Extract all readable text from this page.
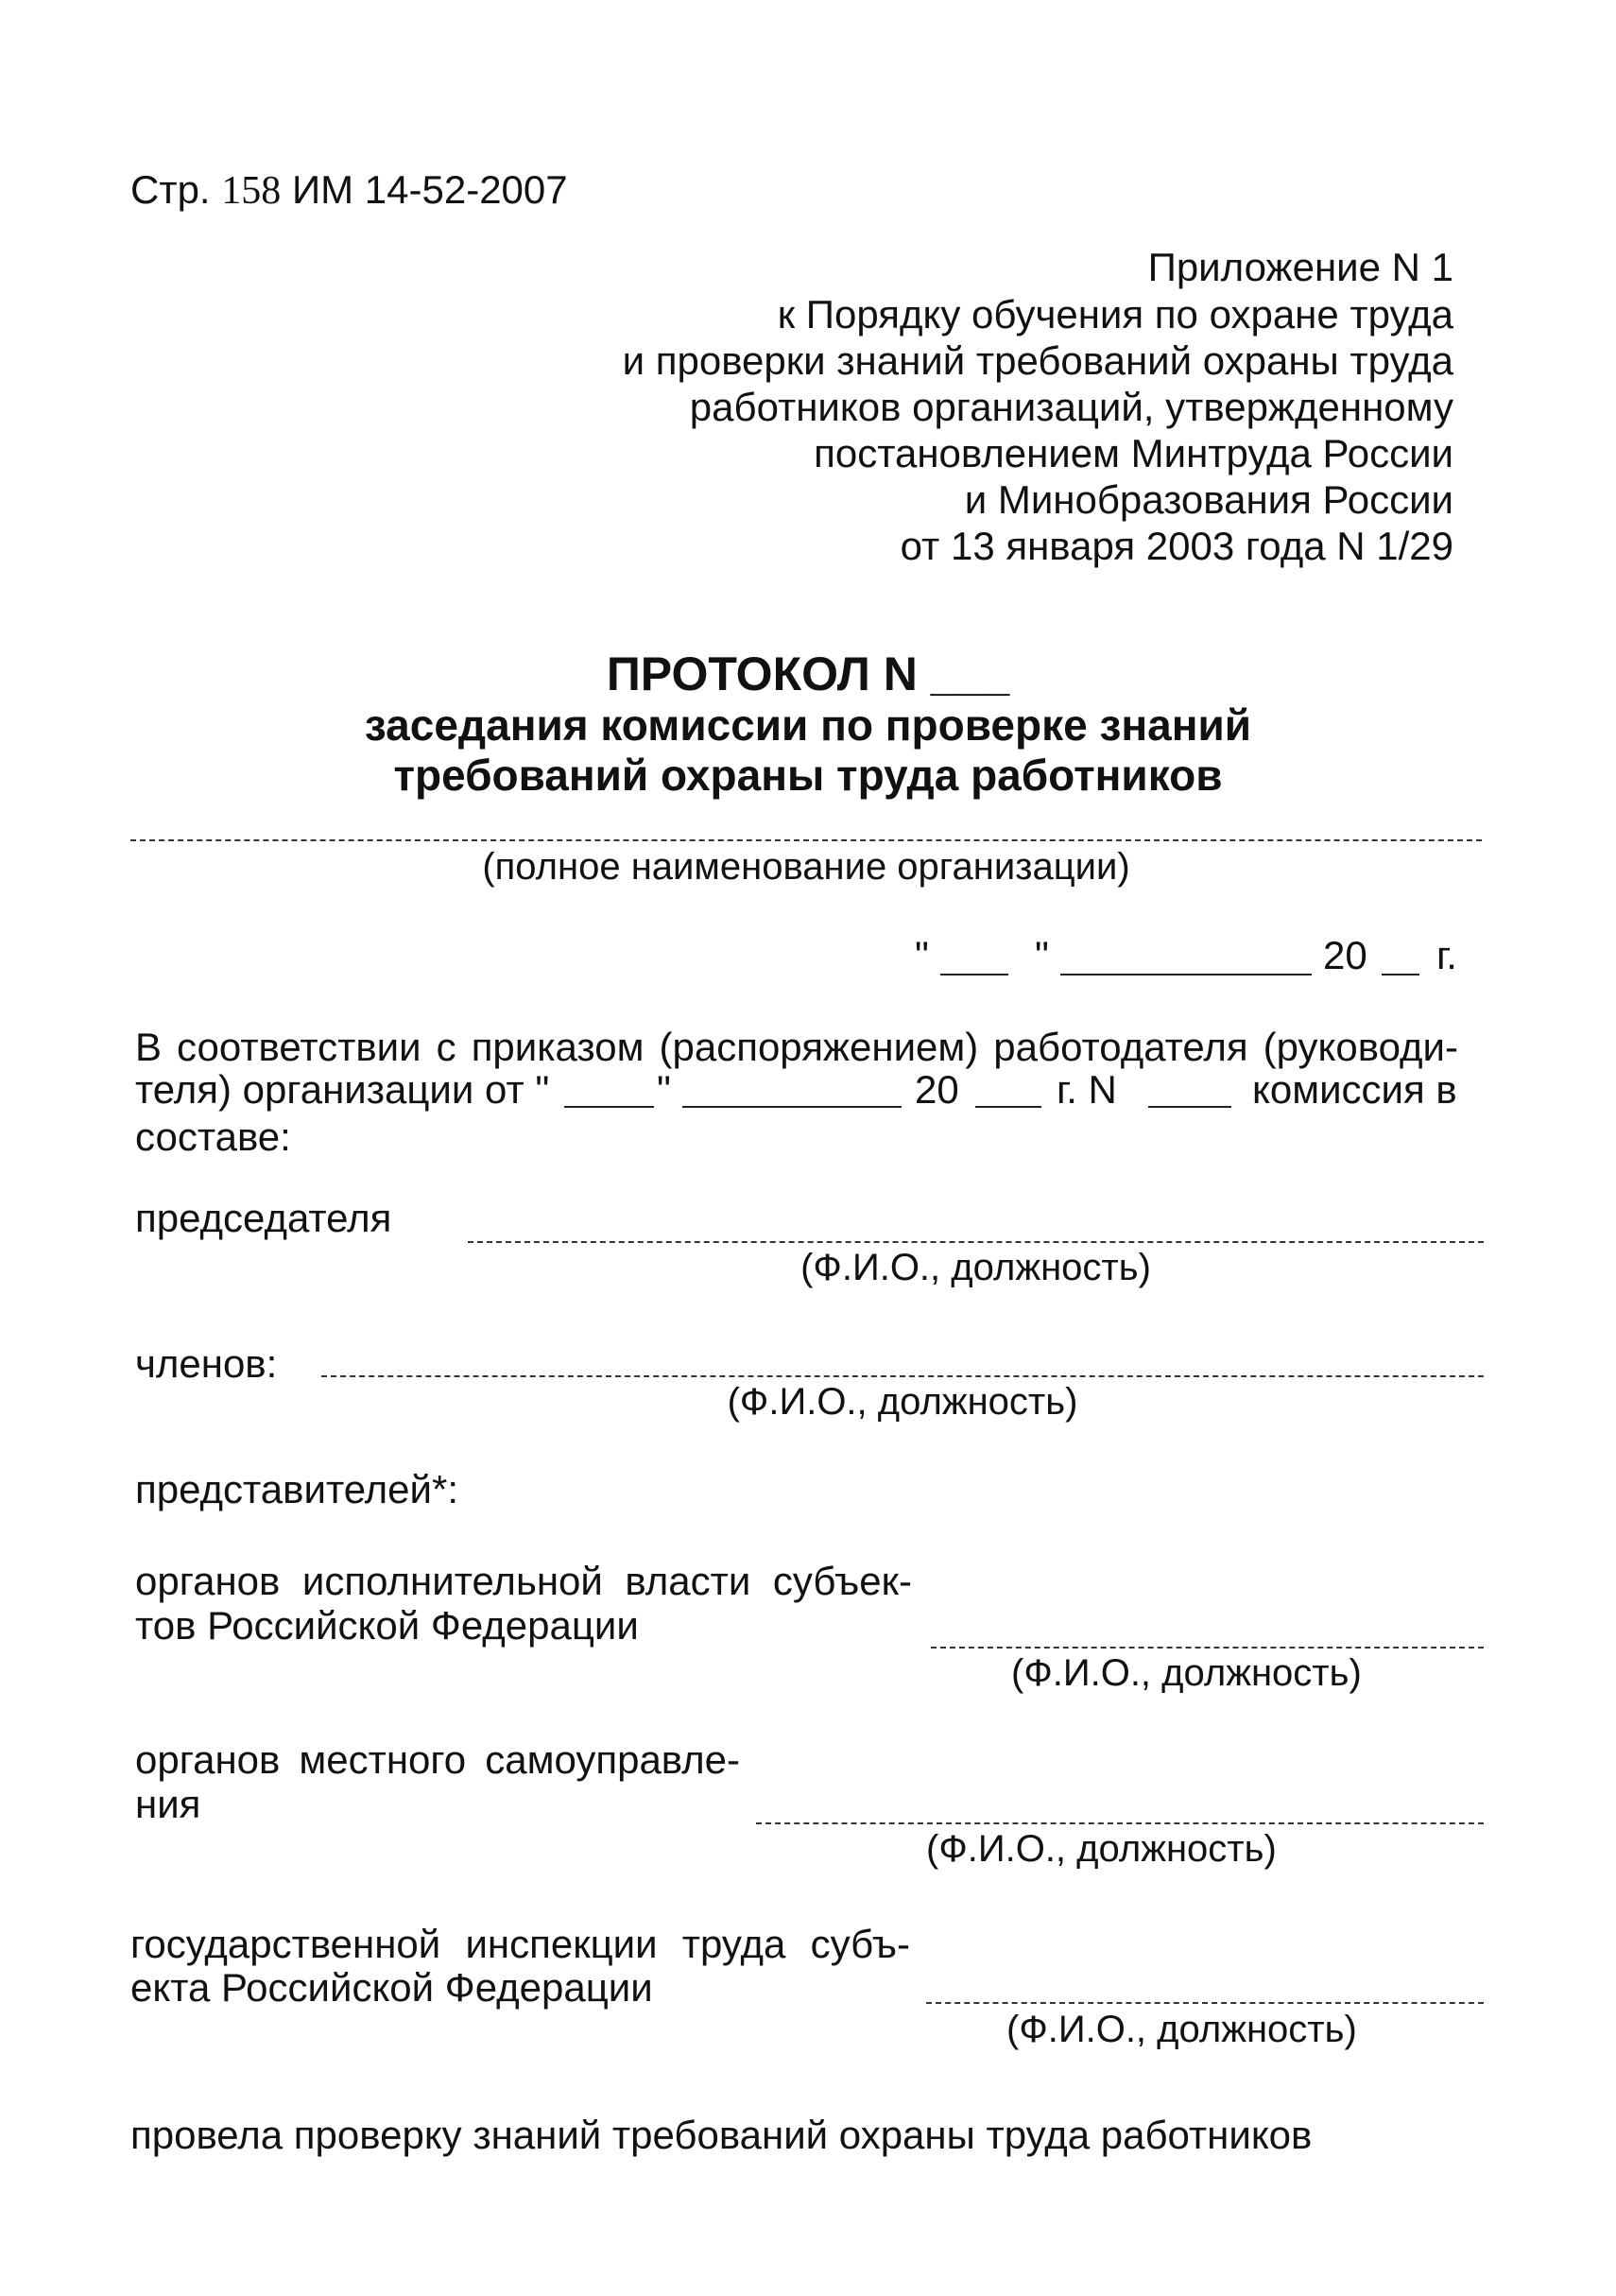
Стр. 158 ИМ 14-52-2007
Приложение N 1
к Порядку обучения по охране труда
и проверки знаний требований охраны труда
работников организаций, утвержденному
постановлением Минтруда России
и Минобразования России
от 13 января 2003 года N 1/29
ПРОТОКОЛ N ___
заседания комиссии по проверке знаний
требований охраны труда работников
(полное наименование организации)
"	"	20 г.
В соответствии с приказом (распоряжением) работодателя (руководи-
теля) организации от "	"	20 г. N	комиссия в
составе:
председателя
(Ф.И.О., должность)
членов:
(Ф.И.О., должность)
представителей*:
органов исполнительной власти субъек-
тов Российской Федерации
(Ф.И.О., должность)
органов местного самоуправле-
ния
(Ф.И.О., должность)
государственной инспекции труда субъ-
екта Российской Федерации
(Ф.И.О., должность)
провела проверку знаний требований охраны труда работников
